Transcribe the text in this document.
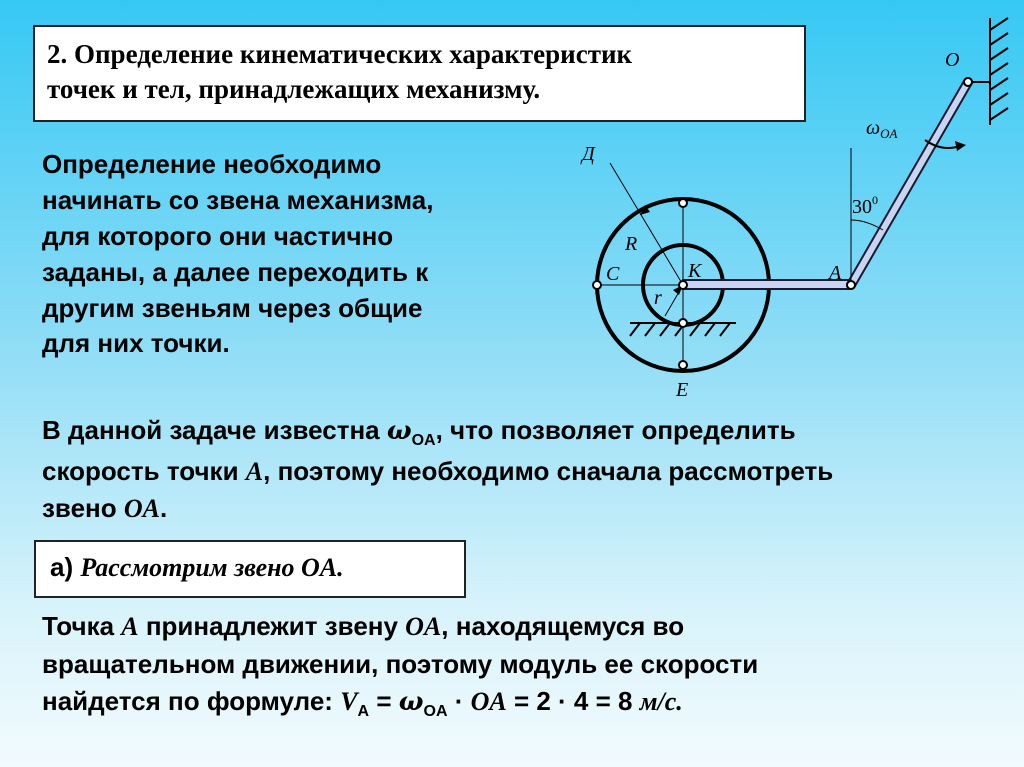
2. Определение кинематических характеристик
точек и тел, принадлежащих механизму.
Определение необходимо
начинать со звена механизма,
для которого они частично
заданы, а далее переходить к
другим звеньям через общие
для них точки.
O
Д
R
C	К
r
A
E
$\omega_{OA}$
$30^0$
В данной задаче известна $\omega_{OA}$, что позволяет определить
скорость точки A, поэтому необходимо сначала рассмотреть
звено OA.
а) Рассмотрим звено OA.
Точка A принадлежит звену OA, находящемуся во
вращательном движении, поэтому модуль ее скорости
найдется по формуле: $V_A = \omega_{OA}$ · OA = 2 · 4 = 8 м/с.
